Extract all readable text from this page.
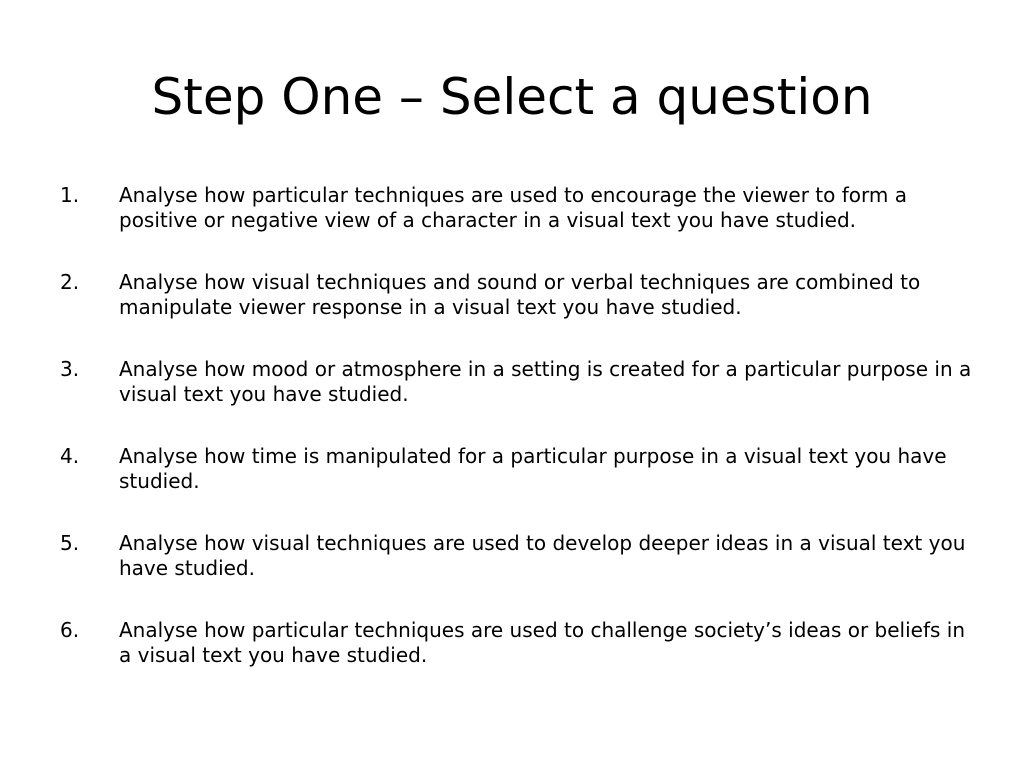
Step One – Select a question
1.	Analyse how particular techniques are used to encourage the viewer to form a positive or negative view of a character in a visual text you have studied.
2.	Analyse how visual techniques and sound or verbal techniques are combined to manipulate viewer response in a visual text you have studied.
3.	Analyse how mood or atmosphere in a setting is created for a particular purpose in a visual text you have studied.
4.	Analyse how time is manipulated for a particular purpose in a visual text you have studied.
5.	Analyse how visual techniques are used to develop deeper ideas in a visual text you have studied.
6.	Analyse how particular techniques are used to challenge society’s ideas or beliefs in a visual text you have studied.
